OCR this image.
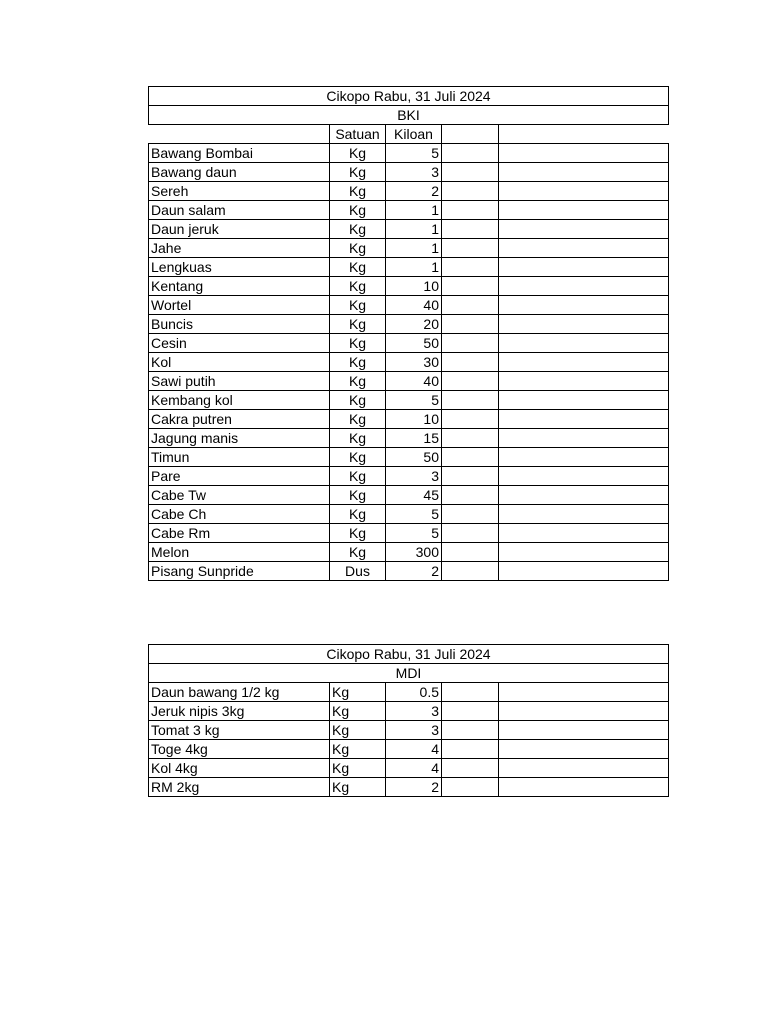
Cikopo Rabu, 31 Juli 2024				
BKI				
	Satuan	Kiloan		
Bawang Bombai	Kg	5		
Bawang daun	Kg	3		
Sereh	Kg	2		
Daun salam	Kg	1		
Daun jeruk	Kg	1		
Jahe	Kg	1		
Lengkuas	Kg	1		
Kentang	Kg	10		
Wortel	Kg	40		
Buncis	Kg	20		
Cesin	Kg	50		
Kol	Kg	30		
Sawi putih	Kg	40		
Kembang kol	Kg	5		
Cakra putren	Kg	10		
Jagung manis	Kg	15		
Timun	Kg	50		
Pare	Kg	3		
Cabe Tw	Kg	45		
Cabe Ch	Kg	5		
Cabe Rm	Kg	5		
Melon	Kg	300		
Pisang Sunpride	Dus	2		
Cikopo Rabu, 31 Juli 2024				
MDI				
Daun bawang 1/2 kg	Kg	0.5		
Jeruk nipis 3kg	Kg	3		
Tomat 3 kg	Kg	3		
Toge 4kg	Kg	4		
Kol 4kg	Kg	4		
RM 2kg	Kg	2		
